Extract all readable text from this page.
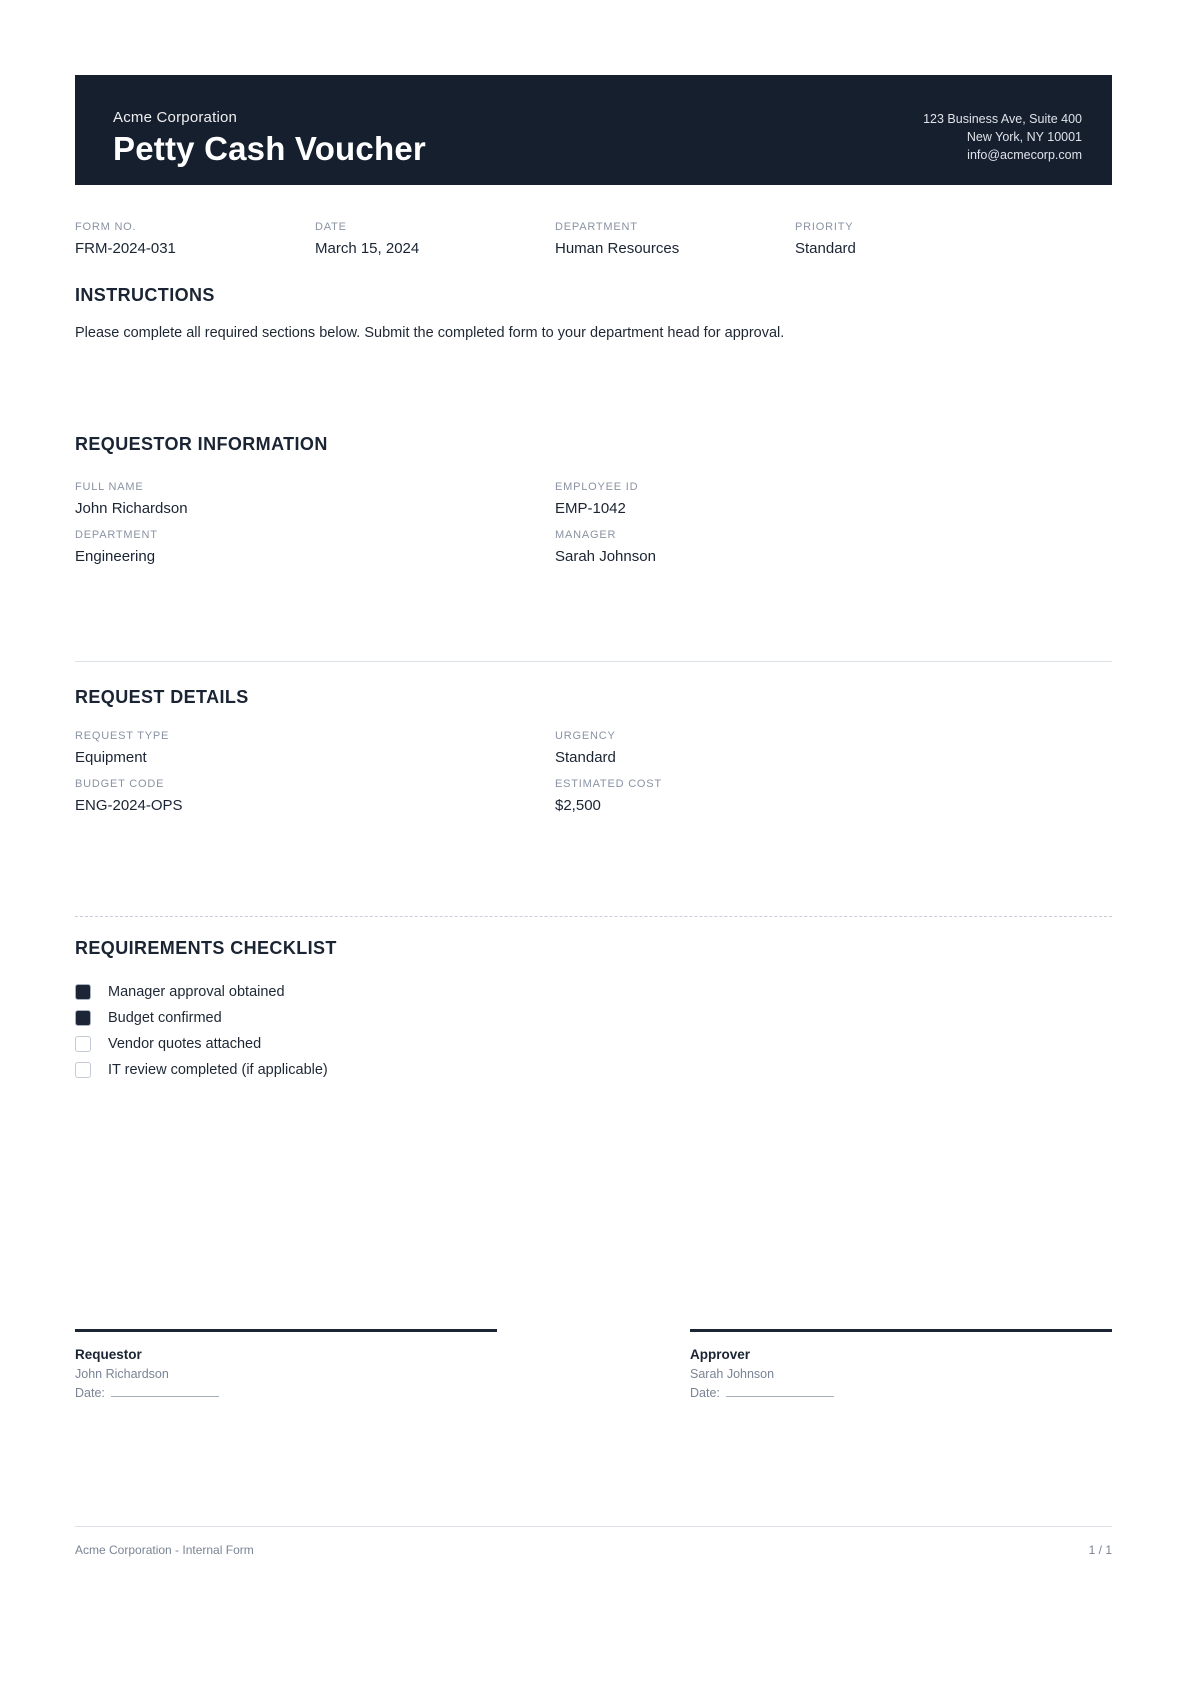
Acme Corporation
Petty Cash Voucher
123 Business Ave, Suite 400
New York, NY 10001
info@acmecorp.com
FORM NO.
FRM-2024-031
DATE
March 15, 2024
DEPARTMENT
Human Resources
PRIORITY
Standard
INSTRUCTIONS

Please complete all required sections below. Submit the completed form to your department head for approval.

REQUESTOR INFORMATION
FULL NAME
John Richardson
EMPLOYEE ID
EMP-1042
DEPARTMENT
Engineering
MANAGER
Sarah Johnson
REQUEST DETAILS
REQUEST TYPE
Equipment
URGENCY
Standard
BUDGET CODE
ENG-2024-OPS
ESTIMATED COST
$2,500
REQUIREMENTS CHECKLIST
Manager approval obtained
Budget confirmed
Vendor quotes attached
IT review completed (if applicable)
Requestor
John Richardson
Date:
Approver
Sarah Johnson
Date:
Acme Corporation - Internal Form	1 / 1
